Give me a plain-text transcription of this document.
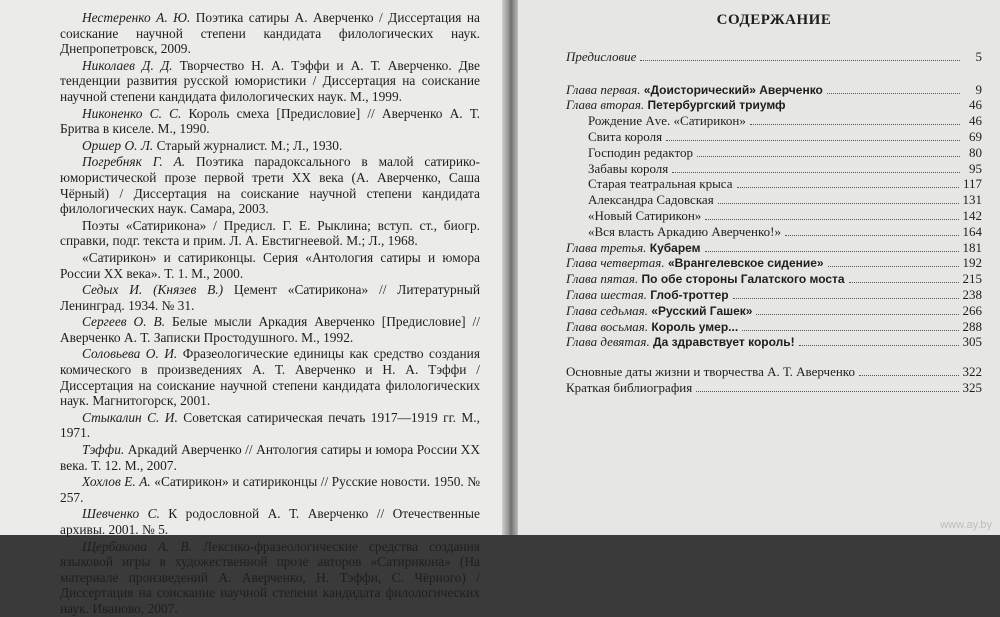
Нестеренко А. Ю. Поэтика сатиры А. Аверченко / Диссертация на соискание научной степени кандидата филологических наук. Днепропетровск, 2009.

Николаев Д. Д. Творчество Н. А. Тэффи и А. Т. Аверченко. Две тенденции развития русской юмористики / Диссертация на соискание научной степени кандидата филологических наук. М., 1999.

Никоненко С. С. Король смеха [Предисловие] // Аверченко А. Т. Бритва в киселе. М., 1990.

Оршер О. Л. Старый журналист. М.; Л., 1930.

Погребняк Г. А. Поэтика парадоксального в малой сатирико-юмористической прозе первой трети XX века (А. Аверченко, Саша Чёрный) / Диссертация на соискание научной степени кандидата филологических наук. Самара, 2003.

Поэты «Сатирикона» / Предисл. Г. Е. Рыклина; вступ. ст., биогр. справки, подг. текста и прим. Л. А. Евстигнеевой. М.; Л., 1968.

«Сатирикон» и сатириконцы. Серия «Антология сатиры и юмора России XX века». Т. 1. М., 2000.

Седых И. (Князев В.) Цемент «Сатирикона» // Литературный Ленинград. 1934. № 31.

Сергеев О. В. Белые мысли Аркадия Аверченко [Предисловие] // Аверченко А. Т. Записки Простодушного. М., 1992.

Соловьева О. И. Фразеологические единицы как средство создания комического в произведениях А. Т. Аверченко и Н. А. Тэффи / Диссертация на соискание научной степени кандидата филологических наук. Магнитогорск, 2001.

Стыкалин С. И. Советская сатирическая печать 1917—1919 гг. М., 1971.

Тэффи. Аркадий Аверченко // Антология сатиры и юмора России XX века. Т. 12. М., 2007.

Хохлов Е. А. «Сатирикон» и сатириконцы // Русские новости. 1950. № 257.

Шевченко С. К родословной А. Т. Аверченко // Отечественные архивы. 2001. № 5.

Щербакова А. В. Лексико-фразеологические средства создания языковой игры в художественной прозе авторов «Сатирикона» (На материале произведений А. Аверченко, Н. Тэффи, С. Чёрного) / Диссертация на соискание научной степени кандидата филологических наук. Иваново, 2007.

СОДЕРЖАНИЕ
Предисловие	5
Глава первая. «Доисторический» Аверченко	9
Глава вторая. Петербургский триумф	46
Рождение Аve. «Сатирикон»	46
Свита короля	69
Господин редактор	80
Забавы короля	95
Старая театральная крыса	117
Александра Садовская	131
«Новый Сатирикон»	142
«Вся власть Аркадию Аверченко!»	164
Глава третья. Кубарем	181
Глава четвертая. «Врангелевское сидение»	192
Глава пятая. По обе стороны Галатского моста	215
Глава шестая. Глоб-троттер	238
Глава седьмая. «Русский Гашек»	266
Глава восьмая. Король умер...	288
Глава девятая. Да здравствует король!	305
Основные даты жизни и творчества А. Т. Аверченко	322
Краткая библиография	325
www.ay.by
